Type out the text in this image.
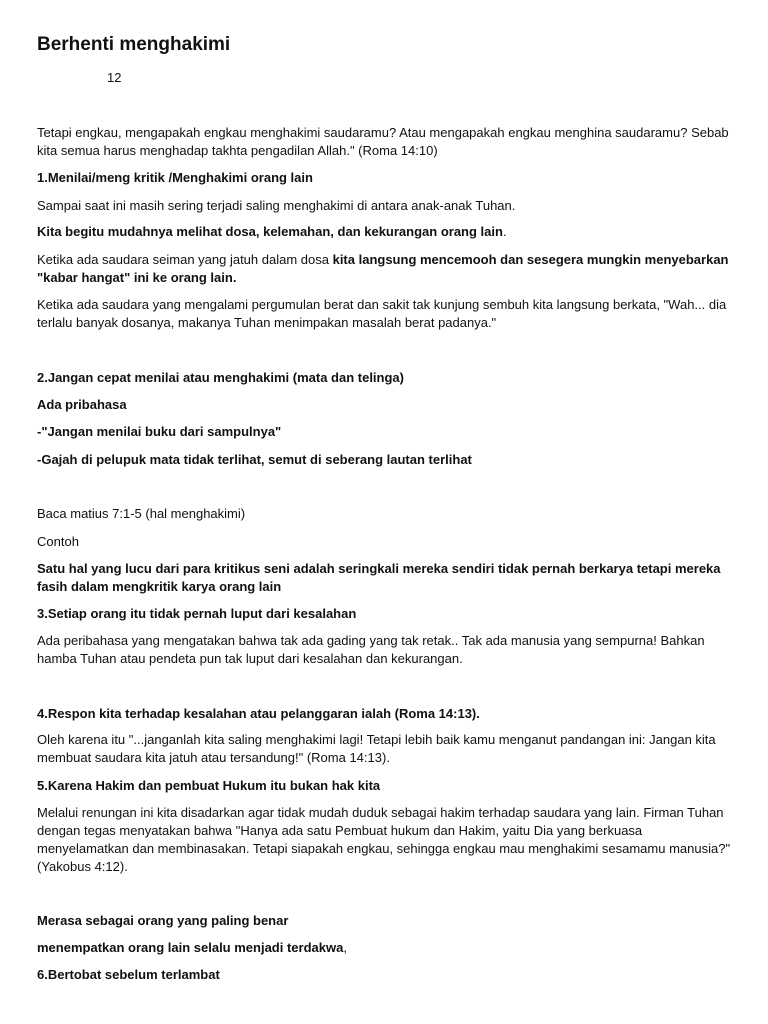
Berhenti menghakimi
12

Tetapi engkau, mengapakah engkau menghakimi saudaramu? Atau mengapakah engkau menghina saudaramu? Sebab kita semua harus menghadap takhta pengadilan Allah." (Roma 14:10)

1.Menilai/meng kritik /Menghakimi orang lain

Sampai saat ini masih sering terjadi saling menghakimi di antara anak-anak Tuhan.

Kita begitu mudahnya melihat dosa, kelemahan, dan kekurangan orang lain.

Ketika ada saudara seiman yang jatuh dalam dosa kita langsung mencemooh dan sesegera mungkin menyebarkan "kabar hangat" ini ke orang lain.

Ketika ada saudara yang mengalami pergumulan berat dan sakit tak kunjung sembuh kita langsung berkata, "Wah... dia terlalu banyak dosanya, makanya Tuhan menimpakan masalah berat padanya."

2.Jangan cepat menilai atau menghakimi (mata dan telinga)

Ada pribahasa

-"Jangan menilai buku dari sampulnya"

-Gajah di pelupuk mata tidak terlihat, semut di seberang lautan terlihat

Baca matius 7:1-5 (hal menghakimi)

Contoh

Satu hal yang lucu dari para kritikus seni adalah seringkali mereka sendiri tidak pernah berkarya tetapi mereka fasih dalam mengkritik karya orang lain

3.Setiap orang itu tidak pernah luput dari kesalahan

Ada peribahasa yang mengatakan bahwa tak ada gading yang tak retak.. Tak ada manusia yang sempurna! Bahkan hamba Tuhan atau pendeta pun tak luput dari kesalahan dan kekurangan.

4.Respon kita terhadap kesalahan atau pelanggaran ialah (Roma 14:13).

Oleh karena itu "...janganlah kita saling menghakimi lagi! Tetapi lebih baik kamu menganut pandangan ini: Jangan kita membuat saudara kita jatuh atau tersandung!" (Roma 14:13).

5.Karena Hakim dan pembuat Hukum itu bukan hak kita

Melalui renungan ini kita disadarkan agar tidak mudah duduk sebagai hakim terhadap saudara yang lain. Firman Tuhan dengan tegas menyatakan bahwa "Hanya ada satu Pembuat hukum dan Hakim, yaitu Dia yang berkuasa menyelamatkan dan membinasakan. Tetapi siapakah engkau, sehingga engkau mau menghakimi sesamamu manusia?" (Yakobus 4:12).

Merasa sebagai orang yang paling benar

menempatkan orang lain selalu menjadi terdakwa,

6.Bertobat sebelum terlambat
